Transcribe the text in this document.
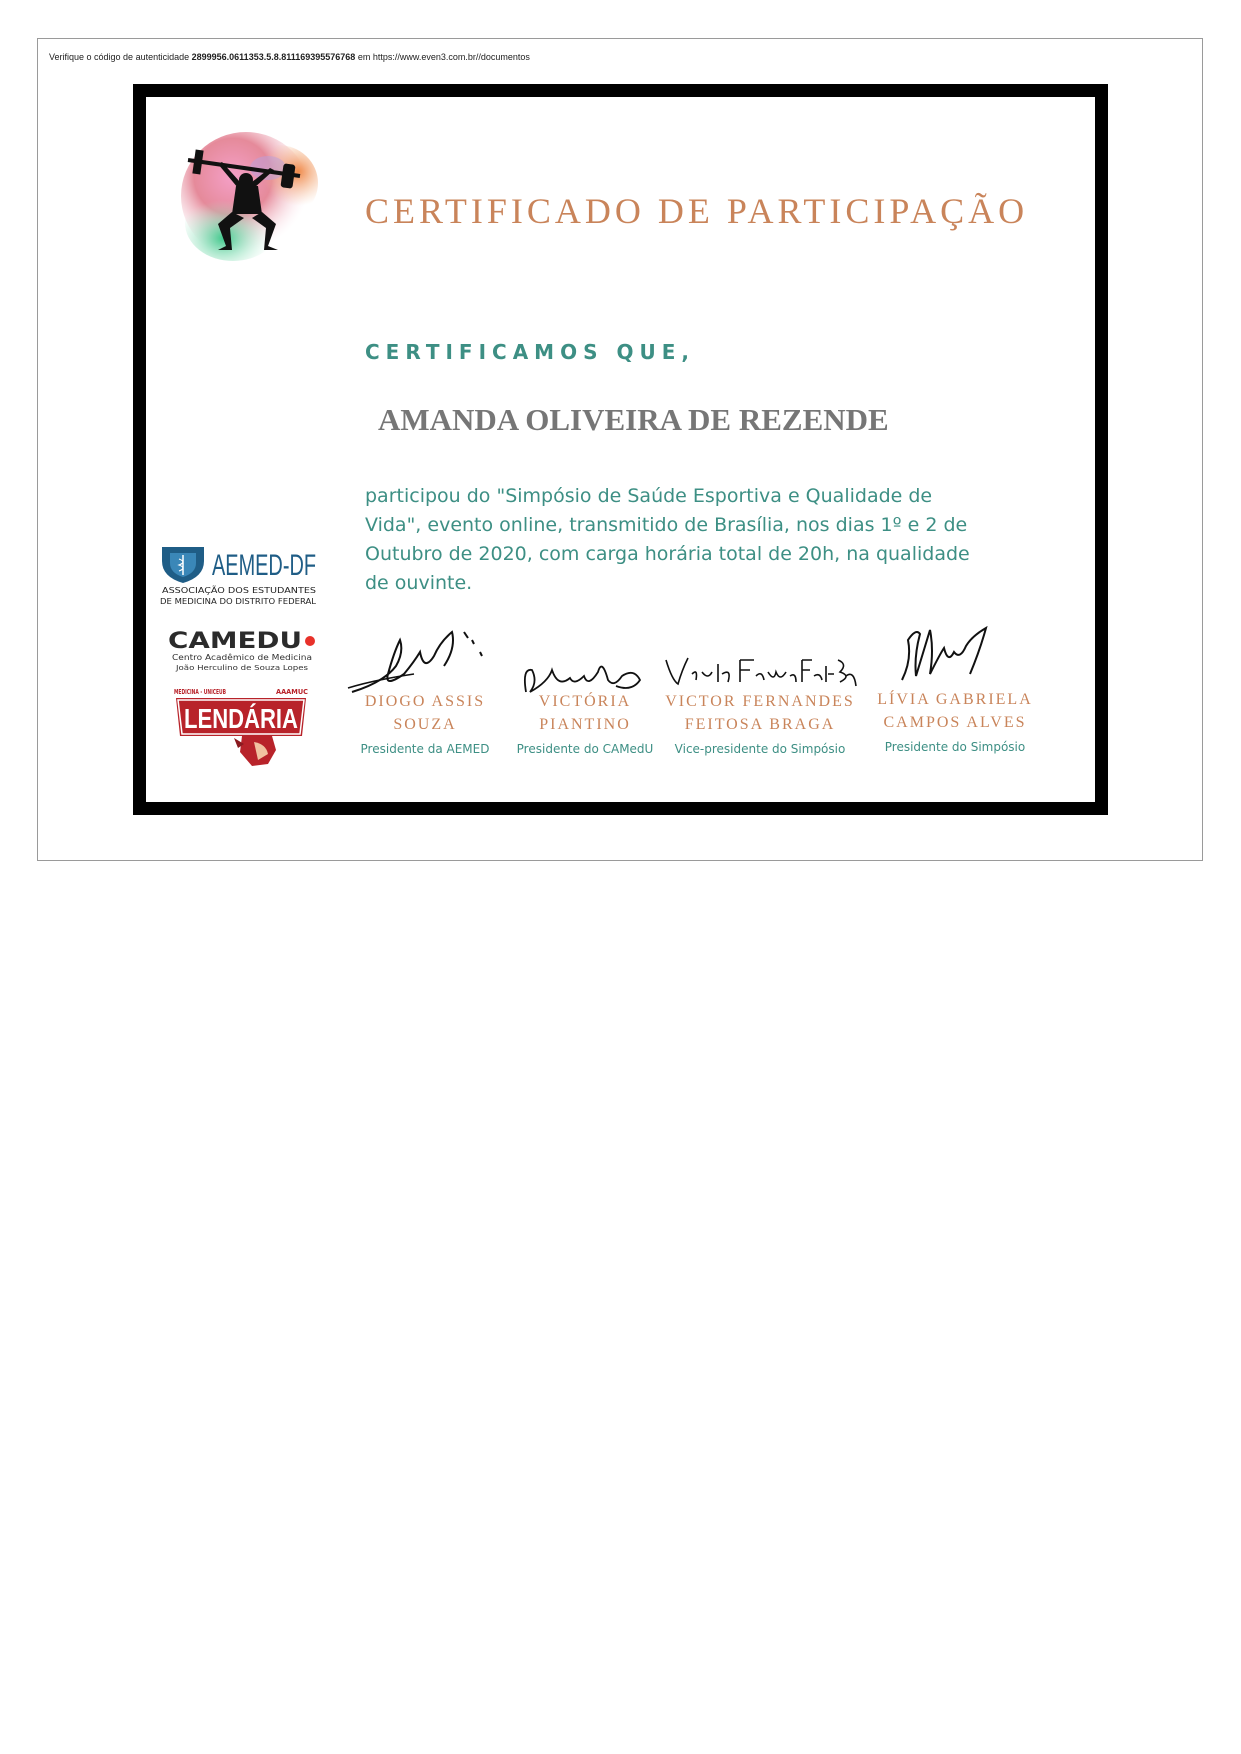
Verifique o código de autenticidade 2899956.0611353.5.8.811169395576768 em https://www.even3.com.br//documentos
CERTIFICADO DE PARTICIPAÇÃO
CERTIFICAMOS QUE,
AMANDA OLIVEIRA DE REZENDE

participou do "Simpósio de Saúde Esportiva e Qualidade de Vida", evento online, transmitido de Brasília, nos dias 1º e 2 de Outubro de 2020, com carga horária total de 20h, na qualidade de ouvinte.

AEMED-DF
ASSOCIAÇÃO DOS ESTUDANTES
DE MEDICINA DO DISTRITO FEDERAL
CAMEDU
Centro Acadêmico de Medicina
João Herculino de Souza Lopes
MEDICINA - UNICEUB	AAAMUC
LENDÁRIA

DIOGO ASSIS

SOUZA

Presidente da AEMED

VICTÓRIA

PIANTINO

Presidente do CAMedU

VICTOR FERNANDES

FEITOSA BRAGA

Vice-presidente do Simpósio

LÍVIA GABRIELA

CAMPOS ALVES

Presidente do Simpósio
